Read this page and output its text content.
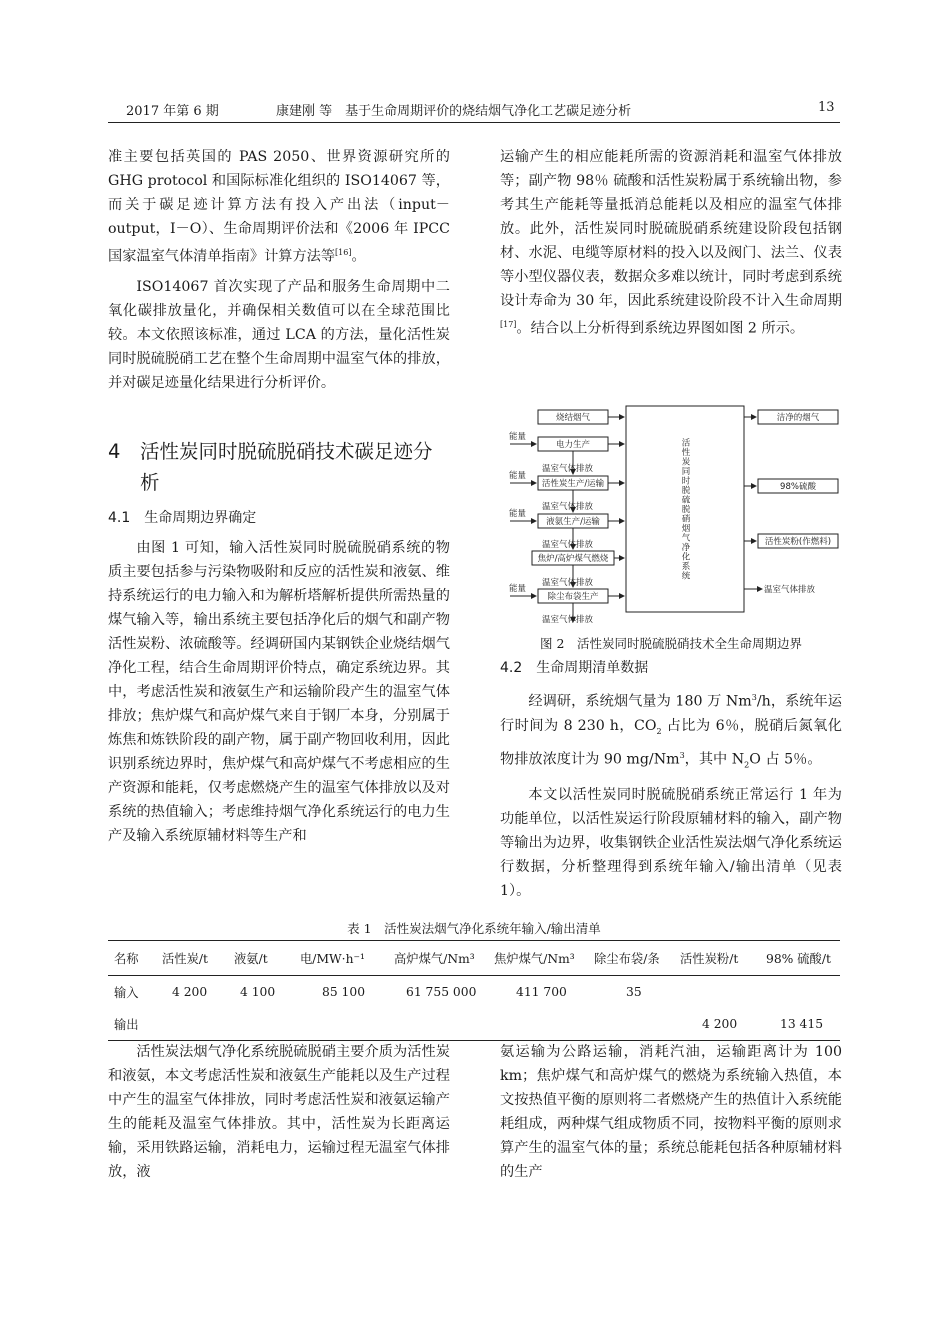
2017 年第 6 期	康建刚 等　基于生命周期评价的烧结烟气净化工艺碳足迹分析	13

准主要包括英国的 PAS 2050、世界资源研究所的 GHG protocol 和国际标准化组织的 ISO14067 等，而关于碳足迹计算方法有投入产出法（input－output，I－O）、生命周期评价法和《2006 年 IPCC 国家温室气体清单指南》计算方法等[16]。

ISO14067 首次实现了产品和服务生命周期中二氧化碳排放量化，并确保相关数值可以在全球范围比较。本文依照该标准，通过 LCA 的方法，量化活性炭同时脱硫脱硝工艺在整个生命周期中温室气体的排放，并对碳足迹量化结果进行分析评价。

4	活性炭同时脱硫脱硝技术碳足迹分析
4.1　生命周期边界确定

由图 1 可知，输入活性炭同时脱硫脱硝系统的物质主要包括参与污染物吸附和反应的活性炭和液氨、维持系统运行的电力输入和为解析塔解析提供所需热量的煤气输入等，输出系统主要包括净化后的烟气和副产物活性炭粉、浓硫酸等。经调研国内某钢铁企业烧结烟气净化工程，结合生命周期评价特点，确定系统边界。其中，考虑活性炭和液氨生产和运输阶段产生的温室气体排放；焦炉煤气和高炉煤气来自于钢厂本身，分别属于炼焦和炼铁阶段的副产物，属于副产物回收利用，因此识别系统边界时，焦炉煤气和高炉煤气不考虑相应的生产资源和能耗，仅考虑燃烧产生的温室气体排放以及对系统的热值输入；考虑维持烟气净化系统运行的电力生产及输入系统原辅材料等生产和

运输产生的相应能耗所需的资源消耗和温室气体排放等；副产物 98％ 硫酸和活性炭粉属于系统输出物，参考其生产能耗等量抵消总能耗以及相应的温室气体排放。此外，活性炭同时脱硫脱硝系统建设阶段包括钢材、水泥、电缆等原材料的投入以及阀门、法兰、仪表等小型仪器仪表，数据众多难以统计，同时考虑到系统设计寿命为 30 年，因此系统建设阶段不计入生命周期[17]。结合以上分析得到系统边界图如图 2 所示。

烧结烟气
电力生产
活性炭生产/运输
液氨生产/运输
焦炉/高炉煤气燃烧
除尘布袋生产
能量
能量
能量
能量
温室气体排放
温室气体排放
温室气体排放
温室气体排放
温室气体排放
活性炭同时脱硫脱硝烟气净化系统
洁净的烟气
98%硫酸
活性炭粉(作燃料)
温室气体排放
图 2　活性炭同时脱硫脱硝技术全生命周期边界
4.2　生命周期清单数据

经调研，系统烟气量为 180 万 Nm$^3$/h，系统年运行时间为 8 230 h，$CO_2$ 占比为 6％，脱硝后氮氧化物排放浓度计为 90 mg/Nm$^3$，其中 $N_2O$ 占 5％。

本文以活性炭同时脱硫脱硝系统正常运行 1 年为功能单位，以活性炭运行阶段原辅材料的输入，副产物等输出为边界，收集钢铁企业活性炭法烟气净化系统运行数据，分析整理得到系统年输入/输出清单（见表 1）。

表 1　活性炭法烟气净化系统年输入/输出清单
名称	活性炭/t	液氨/t	电/MW·h⁻¹	高炉煤气/Nm³	焦炉煤气/Nm³	除尘布袋/条	活性炭粉/t	98% 硫酸/t
输入	4 200	4 100	85 100	61 755 000	411 700	35		
输出							4 200	13 415

活性炭法烟气净化系统脱硫脱硝主要介质为活性炭和液氨，本文考虑活性炭和液氨生产能耗以及生产过程中产生的温室气体排放，同时考虑活性炭和液氨运输产生的能耗及温室气体排放。其中，活性炭为长距离运输，采用铁路运输，消耗电力，运输过程无温室气体排放，液

氨运输为公路运输，消耗汽油，运输距离计为 100 km；焦炉煤气和高炉煤气的燃烧为系统输入热值，本文按热值平衡的原则将二者燃烧产生的热值计入系统能耗组成，两种煤气组成物质不同，按物料平衡的原则求算产生的温室气体的量；系统总能耗包括各种原辅材料的生产
